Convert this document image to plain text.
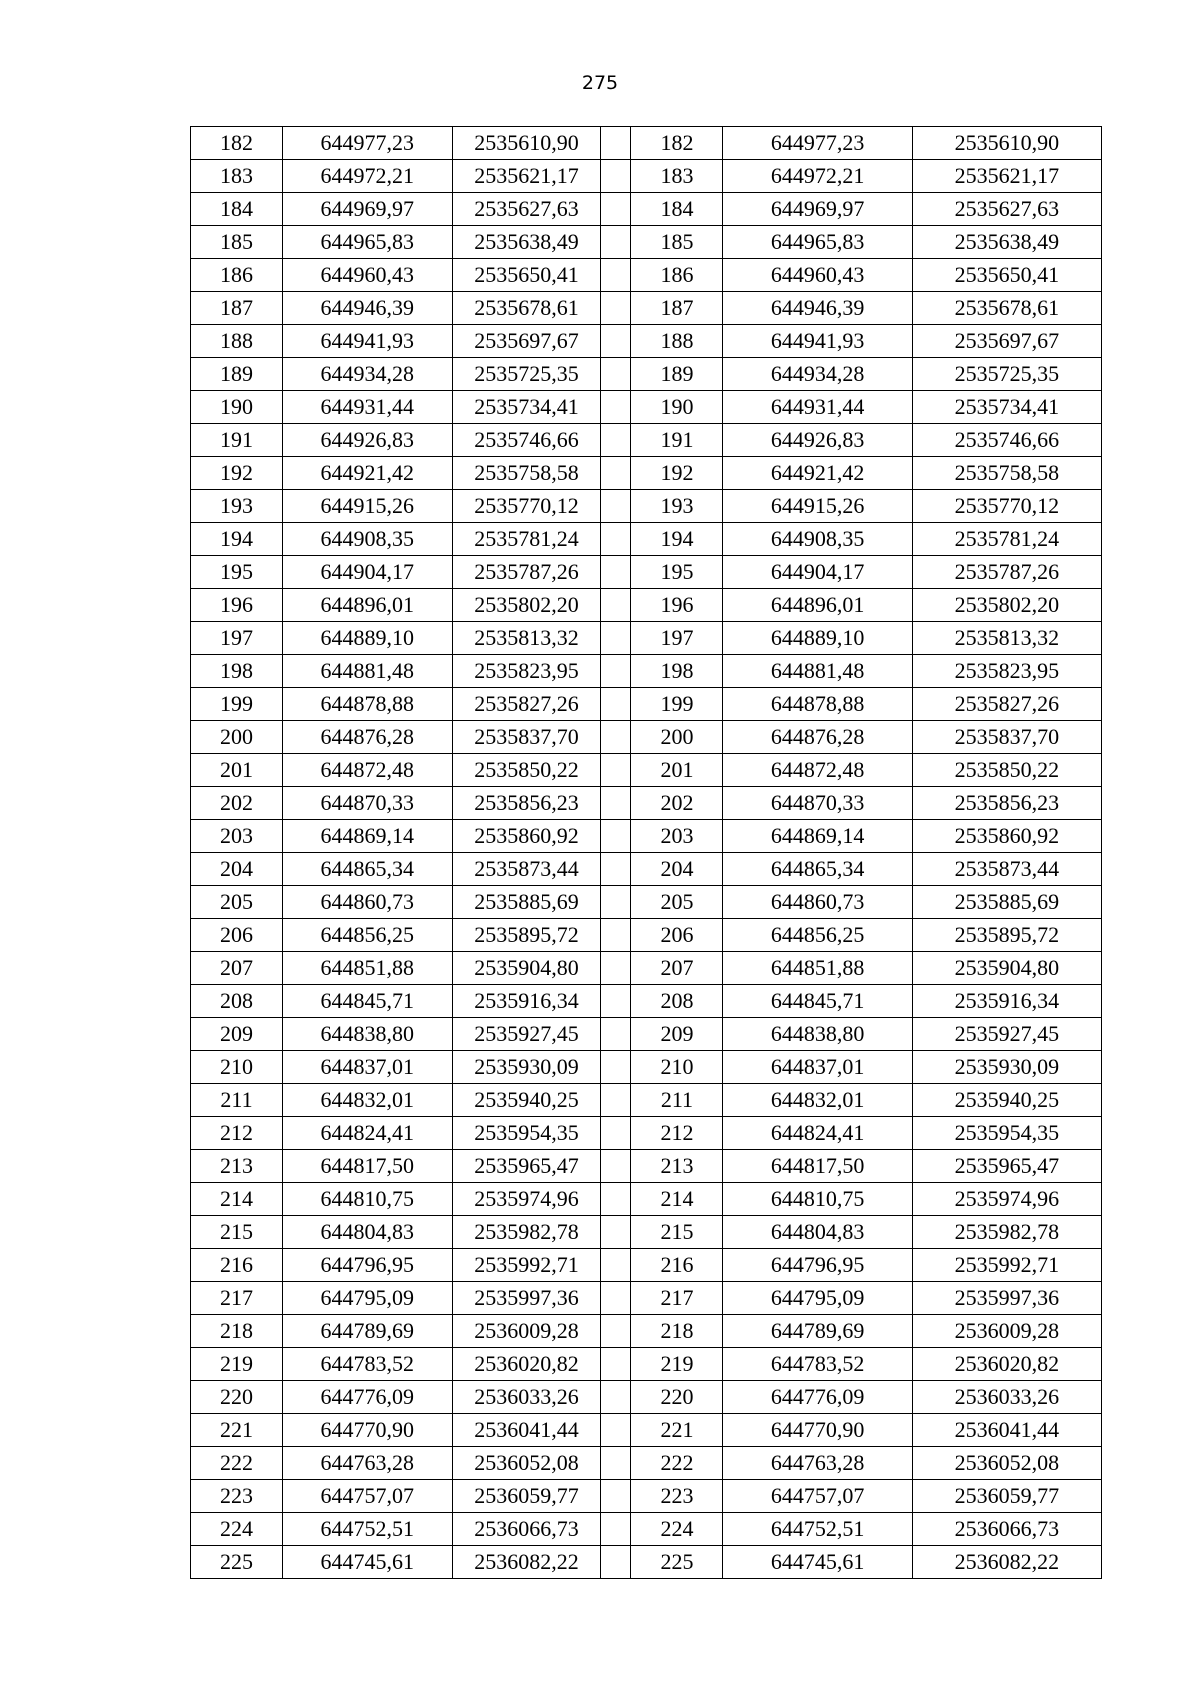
275
182	644977,23	2535610,90		182	644977,23	2535610,90
183	644972,21	2535621,17		183	644972,21	2535621,17
184	644969,97	2535627,63		184	644969,97	2535627,63
185	644965,83	2535638,49		185	644965,83	2535638,49
186	644960,43	2535650,41		186	644960,43	2535650,41
187	644946,39	2535678,61		187	644946,39	2535678,61
188	644941,93	2535697,67		188	644941,93	2535697,67
189	644934,28	2535725,35		189	644934,28	2535725,35
190	644931,44	2535734,41		190	644931,44	2535734,41
191	644926,83	2535746,66		191	644926,83	2535746,66
192	644921,42	2535758,58		192	644921,42	2535758,58
193	644915,26	2535770,12		193	644915,26	2535770,12
194	644908,35	2535781,24		194	644908,35	2535781,24
195	644904,17	2535787,26		195	644904,17	2535787,26
196	644896,01	2535802,20		196	644896,01	2535802,20
197	644889,10	2535813,32		197	644889,10	2535813,32
198	644881,48	2535823,95		198	644881,48	2535823,95
199	644878,88	2535827,26		199	644878,88	2535827,26
200	644876,28	2535837,70		200	644876,28	2535837,70
201	644872,48	2535850,22		201	644872,48	2535850,22
202	644870,33	2535856,23		202	644870,33	2535856,23
203	644869,14	2535860,92		203	644869,14	2535860,92
204	644865,34	2535873,44		204	644865,34	2535873,44
205	644860,73	2535885,69		205	644860,73	2535885,69
206	644856,25	2535895,72		206	644856,25	2535895,72
207	644851,88	2535904,80		207	644851,88	2535904,80
208	644845,71	2535916,34		208	644845,71	2535916,34
209	644838,80	2535927,45		209	644838,80	2535927,45
210	644837,01	2535930,09		210	644837,01	2535930,09
211	644832,01	2535940,25		211	644832,01	2535940,25
212	644824,41	2535954,35		212	644824,41	2535954,35
213	644817,50	2535965,47		213	644817,50	2535965,47
214	644810,75	2535974,96		214	644810,75	2535974,96
215	644804,83	2535982,78		215	644804,83	2535982,78
216	644796,95	2535992,71		216	644796,95	2535992,71
217	644795,09	2535997,36		217	644795,09	2535997,36
218	644789,69	2536009,28		218	644789,69	2536009,28
219	644783,52	2536020,82		219	644783,52	2536020,82
220	644776,09	2536033,26		220	644776,09	2536033,26
221	644770,90	2536041,44		221	644770,90	2536041,44
222	644763,28	2536052,08		222	644763,28	2536052,08
223	644757,07	2536059,77		223	644757,07	2536059,77
224	644752,51	2536066,73		224	644752,51	2536066,73
225	644745,61	2536082,22		225	644745,61	2536082,22
